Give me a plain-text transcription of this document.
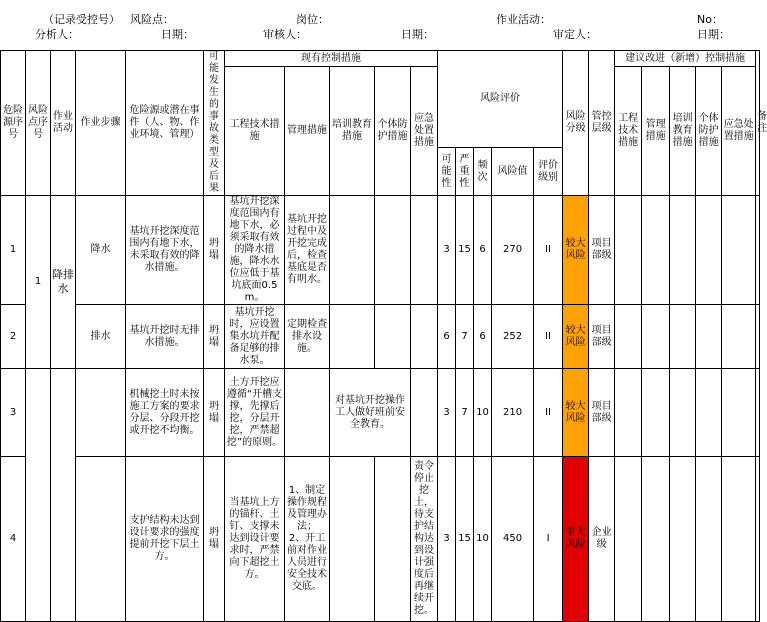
（记录受控号） 风险点：	岗位：	作业活动：	No：
分析人：	日期：	审核人：	日期：	审定人：	日期：
危险源序号	风险点序号	作业活动	作业步骤	危险源或潜在事件（人、物、作业环境、管理）	可能发生的事故类型及后果	现有控制措施					风险评价					风险分级	管控层级	建议改进（新增）控制措施					备注
						工程技术措施	管理措施	培训教育措施	个体防护措施	应急处置措施								工程技术措施	管理措施	培训教育措施	个体防护措施	应急处置措施	
											可能性	严重性	频次	风险值	评价级别								
1	1	降排水	降水	基坑开挖深度范围内有地下水，未采取有效的降水措施。	坍塌	基坑开挖深度范围内有地下水，必须采取有效的降水措施，降水水位应低于基坑底面0.5m。	基坑开挖过程中及开挖完成后，检查基底是否有明水。				3	15	6	270	II	较大风险	项目部级						
2			排水	基坑开挖时无排水措施。	坍塌	基坑开挖时，应设置集水坑并配备足够的排水泵。	定期检查排水设施。				6	7	6	252	II	较大风险	项目部级						
3				机械挖土时未按施工方案的要求分层、分段开挖或开挖不均衡。	坍塌	土方开挖应遵循“开槽支撑，先撑后挖，分层开挖，严禁超挖”的原则。		对基坑开挖操作工人做好班前安全教育。			3	7	10	210	II	较大风险	项目部级						
4				支护结构未达到设计要求的强度提前开挖下层土方。	坍塌	当基坑上方的锚杆、土钉、支撑未达到设计要求时，严禁向下超挖土方。	1、制定操作规程及管理办法；
2、开工前对作业人员进行安全技术交底。			责令停止挖土，待支护结构达到设计强度后再继续开挖。	3	15	10	450	I	重大风险	企业级						
